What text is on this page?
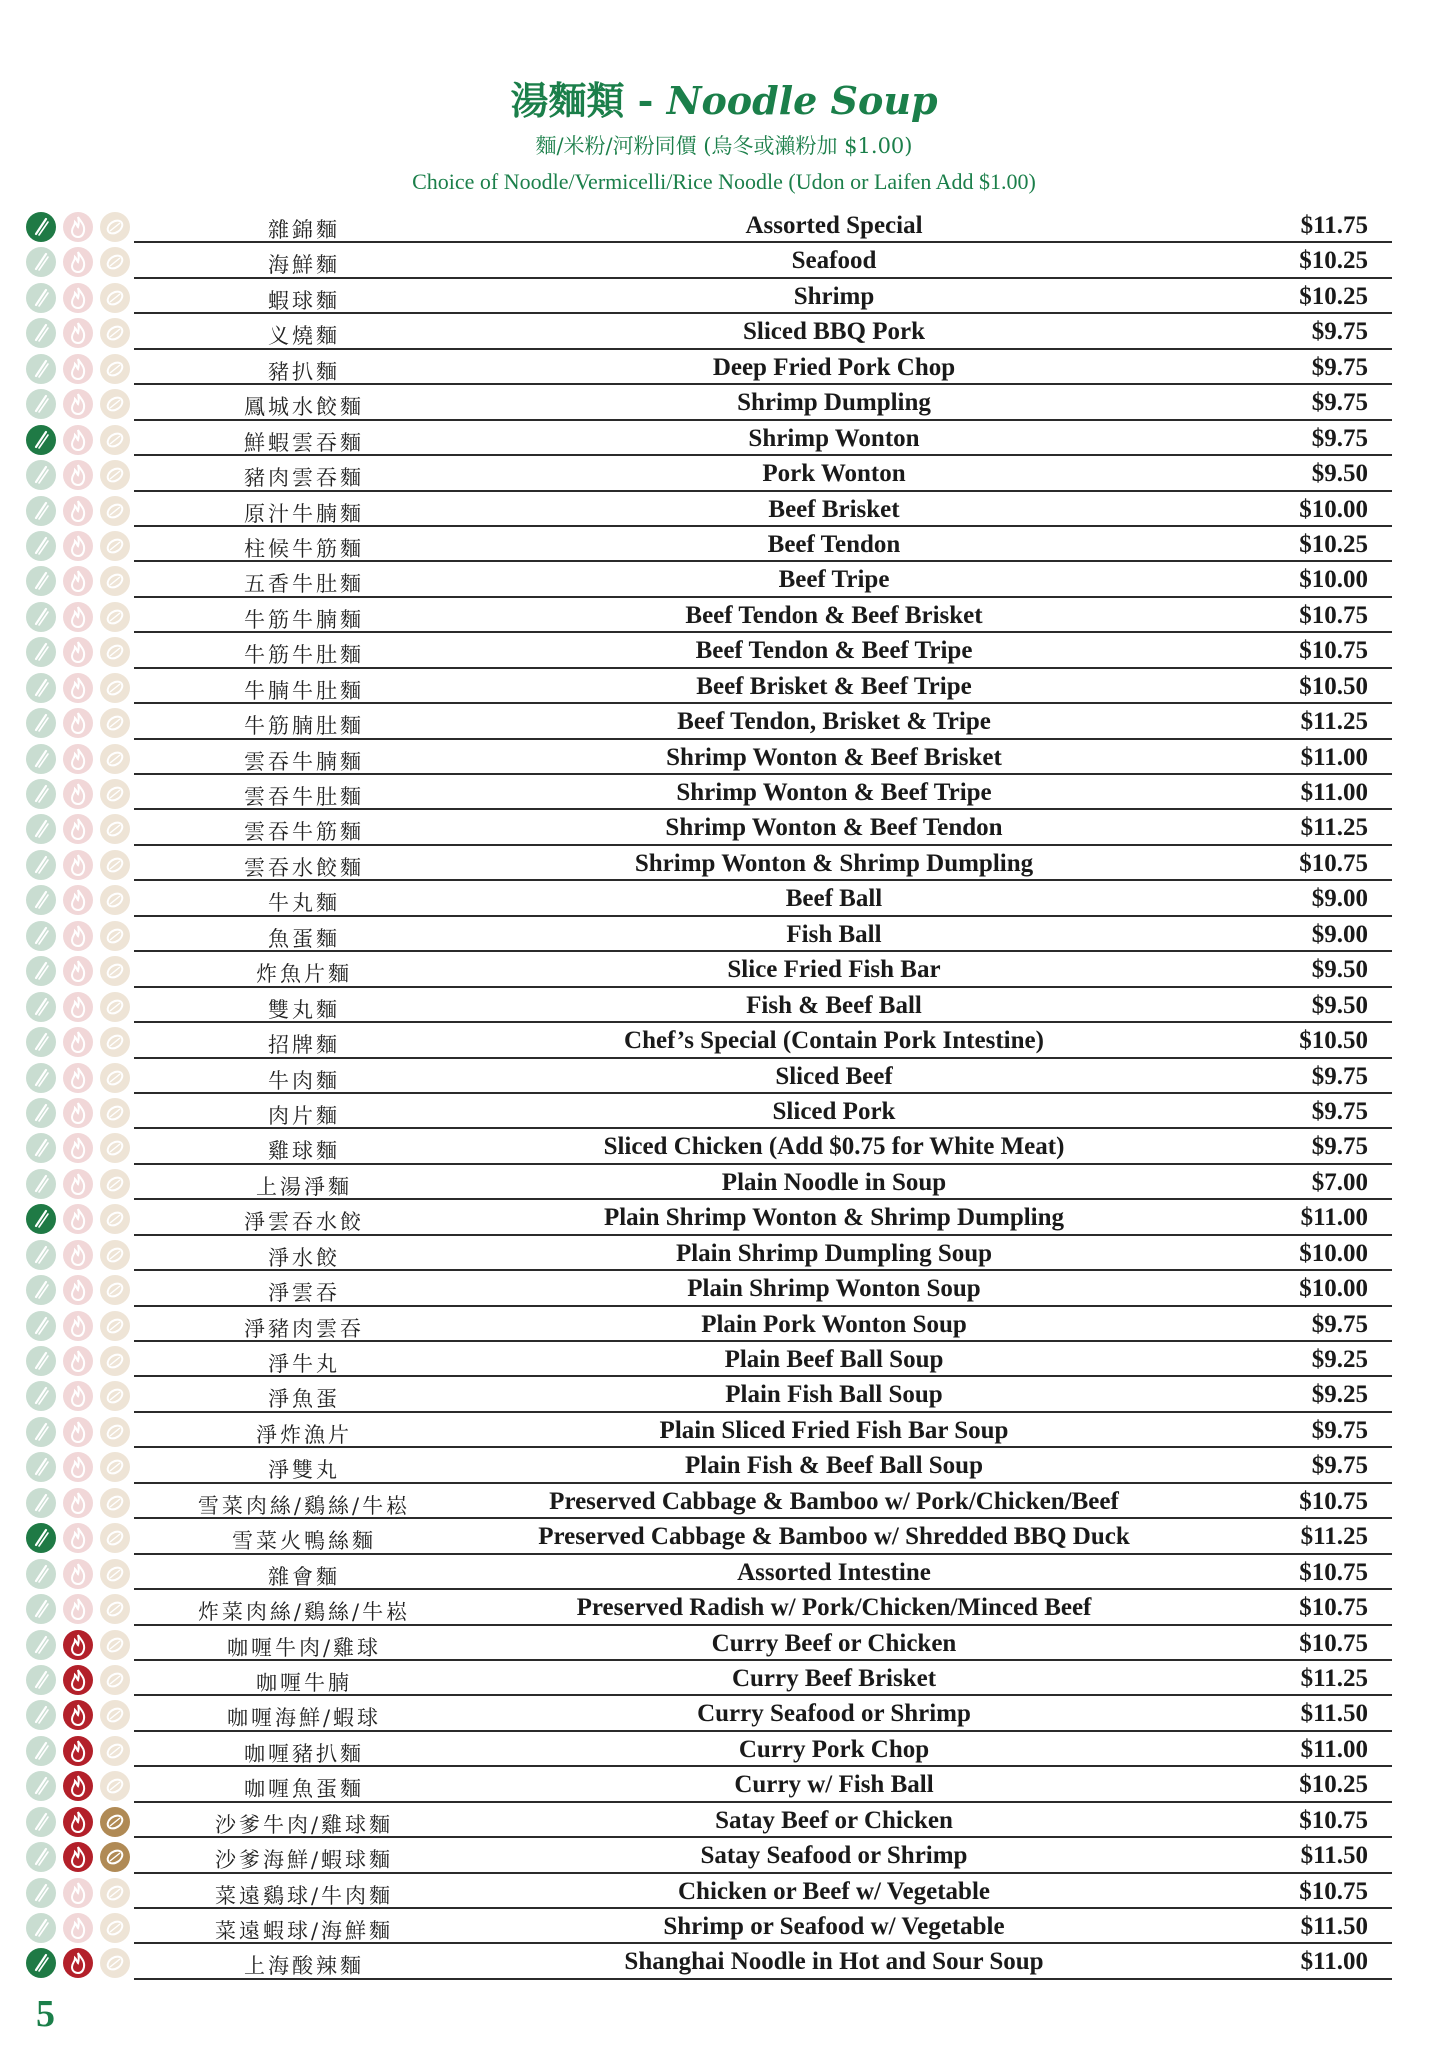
湯麵類 - Noodle Soup
麵/米粉/河粉同價 (烏冬或瀨粉加 $1.00)
Choice of Noodle/Vermicelli/Rice Noodle (Udon or Laifen Add $1.00)
雜錦麵	Assorted Special	$11.75
海鮮麵	Seafood	$10.25
蝦球麵	Shrimp	$10.25
义燒麵	Sliced BBQ Pork	$9.75
豬扒麵	Deep Fried Pork Chop	$9.75
鳳城水餃麵	Shrimp Dumpling	$9.75
鮮蝦雲吞麵	Shrimp Wonton	$9.75
豬肉雲吞麵	Pork Wonton	$9.50
原汁牛腩麵	Beef Brisket	$10.00
柱候牛筋麵	Beef Tendon	$10.25
五香牛肚麵	Beef Tripe	$10.00
牛筋牛腩麵	Beef Tendon & Beef Brisket	$10.75
牛筋牛肚麵	Beef Tendon & Beef Tripe	$10.75
牛腩牛肚麵	Beef Brisket & Beef Tripe	$10.50
牛筋腩肚麵	Beef Tendon, Brisket & Tripe	$11.25
雲吞牛腩麵	Shrimp Wonton & Beef Brisket	$11.00
雲吞牛肚麵	Shrimp Wonton & Beef Tripe	$11.00
雲吞牛筋麵	Shrimp Wonton & Beef Tendon	$11.25
雲吞水餃麵	Shrimp Wonton & Shrimp Dumpling	$10.75
牛丸麵	Beef Ball	$9.00
魚蛋麵	Fish Ball	$9.00
炸魚片麵	Slice Fried Fish Bar	$9.50
雙丸麵	Fish & Beef Ball	$9.50
招牌麵	Chef’s Special (Contain Pork Intestine)	$10.50
牛肉麵	Sliced Beef	$9.75
肉片麵	Sliced Pork	$9.75
雞球麵	Sliced Chicken (Add $0.75 for White Meat)	$9.75
上湯淨麵	Plain Noodle in Soup	$7.00
淨雲吞水餃	Plain Shrimp Wonton & Shrimp Dumpling	$11.00
淨水餃	Plain Shrimp Dumpling Soup	$10.00
淨雲吞	Plain Shrimp Wonton Soup	$10.00
淨豬肉雲吞	Plain Pork Wonton Soup	$9.75
淨牛丸	Plain Beef Ball Soup	$9.25
淨魚蛋	Plain Fish Ball Soup	$9.25
淨炸漁片	Plain Sliced Fried Fish Bar Soup	$9.75
淨雙丸	Plain Fish & Beef Ball Soup	$9.75
雪菜肉絲/鷄絲/牛崧	Preserved Cabbage & Bamboo w/ Pork/Chicken/Beef	$10.75
雪菜火鴨絲麵	Preserved Cabbage & Bamboo w/ Shredded BBQ Duck	$11.25
雜會麵	Assorted Intestine	$10.75
炸菜肉絲/鷄絲/牛崧	Preserved Radish w/ Pork/Chicken/Minced Beef	$10.75
咖喱牛肉/雞球	Curry Beef or Chicken	$10.75
咖喱牛腩	Curry Beef Brisket	$11.25
咖喱海鮮/蝦球	Curry Seafood or Shrimp	$11.50
咖喱豬扒麵	Curry Pork Chop	$11.00
咖喱魚蛋麵	Curry w/ Fish Ball	$10.25
沙爹牛肉/雞球麵	Satay Beef or Chicken	$10.75
沙爹海鮮/蝦球麵	Satay Seafood or Shrimp	$11.50
菜遠鷄球/牛肉麵	Chicken or Beef w/ Vegetable	$10.75
菜遠蝦球/海鮮麵	Shrimp or Seafood w/ Vegetable	$11.50
上海酸辣麵	Shanghai Noodle in Hot and Sour Soup	$11.00
5
